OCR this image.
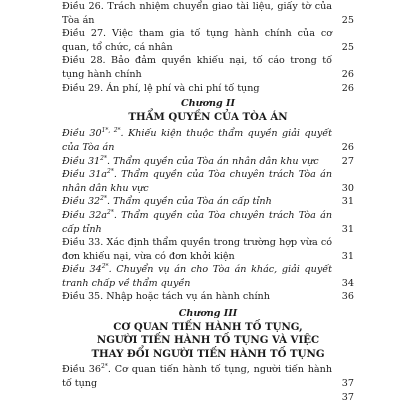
Điều 26. Trách nhiệm chuyển giao tài liệu, giấy tờ của Tòa án	25
Điều 27. Việc tham gia tố tụng hành chính của cơ quan, tổ chức, cá nhân	25
Điều 28. Bảo đảm quyền khiếu nại, tố cáo trong tố tụng hành chính	26
Điều 29. Án phí, lệ phí và chi phí tố tụng	26
Chương II
THẨM QUYỀN CỦA TÒA ÁN
Điều $30^{1*, 2*}$. Khiếu kiện thuộc thẩm quyền giải quyết của Tòa án	26
Điều $31^{2*}$. Thẩm quyền của Tòa án nhân dân khu vực	27
Điều $31a^{2*}$. Thẩm quyền của Tòa chuyên trách Tòa án nhân dân khu vực	30
Điều $32^{2*}$. Thẩm quyền của Tòa án cấp tỉnh	31
Điều $32a^{2*}$. Thẩm quyền của Tòa chuyên trách Tòa án cấp tỉnh	31
Điều 33. Xác định thẩm quyền trong trường hợp vừa có đơn khiếu nại, vừa có đơn khởi kiện	31
Điều $34^{2*}$. Chuyển vụ án cho Tòa án khác, giải quyết tranh chấp về thẩm quyền	34
Điều 35. Nhập hoặc tách vụ án hành chính	36
Chương III
CƠ QUAN TIẾN HÀNH TỐ TỤNG,
NGƯỜI TIẾN HÀNH TỐ TỤNG VÀ VIỆC
THAY ĐỔI NGƯỜI TIẾN HÀNH TỐ TỤNG
Điều $36^{2*}$. Cơ quan tiến hành tố tụng, người tiến hành tố tụng	37

37
